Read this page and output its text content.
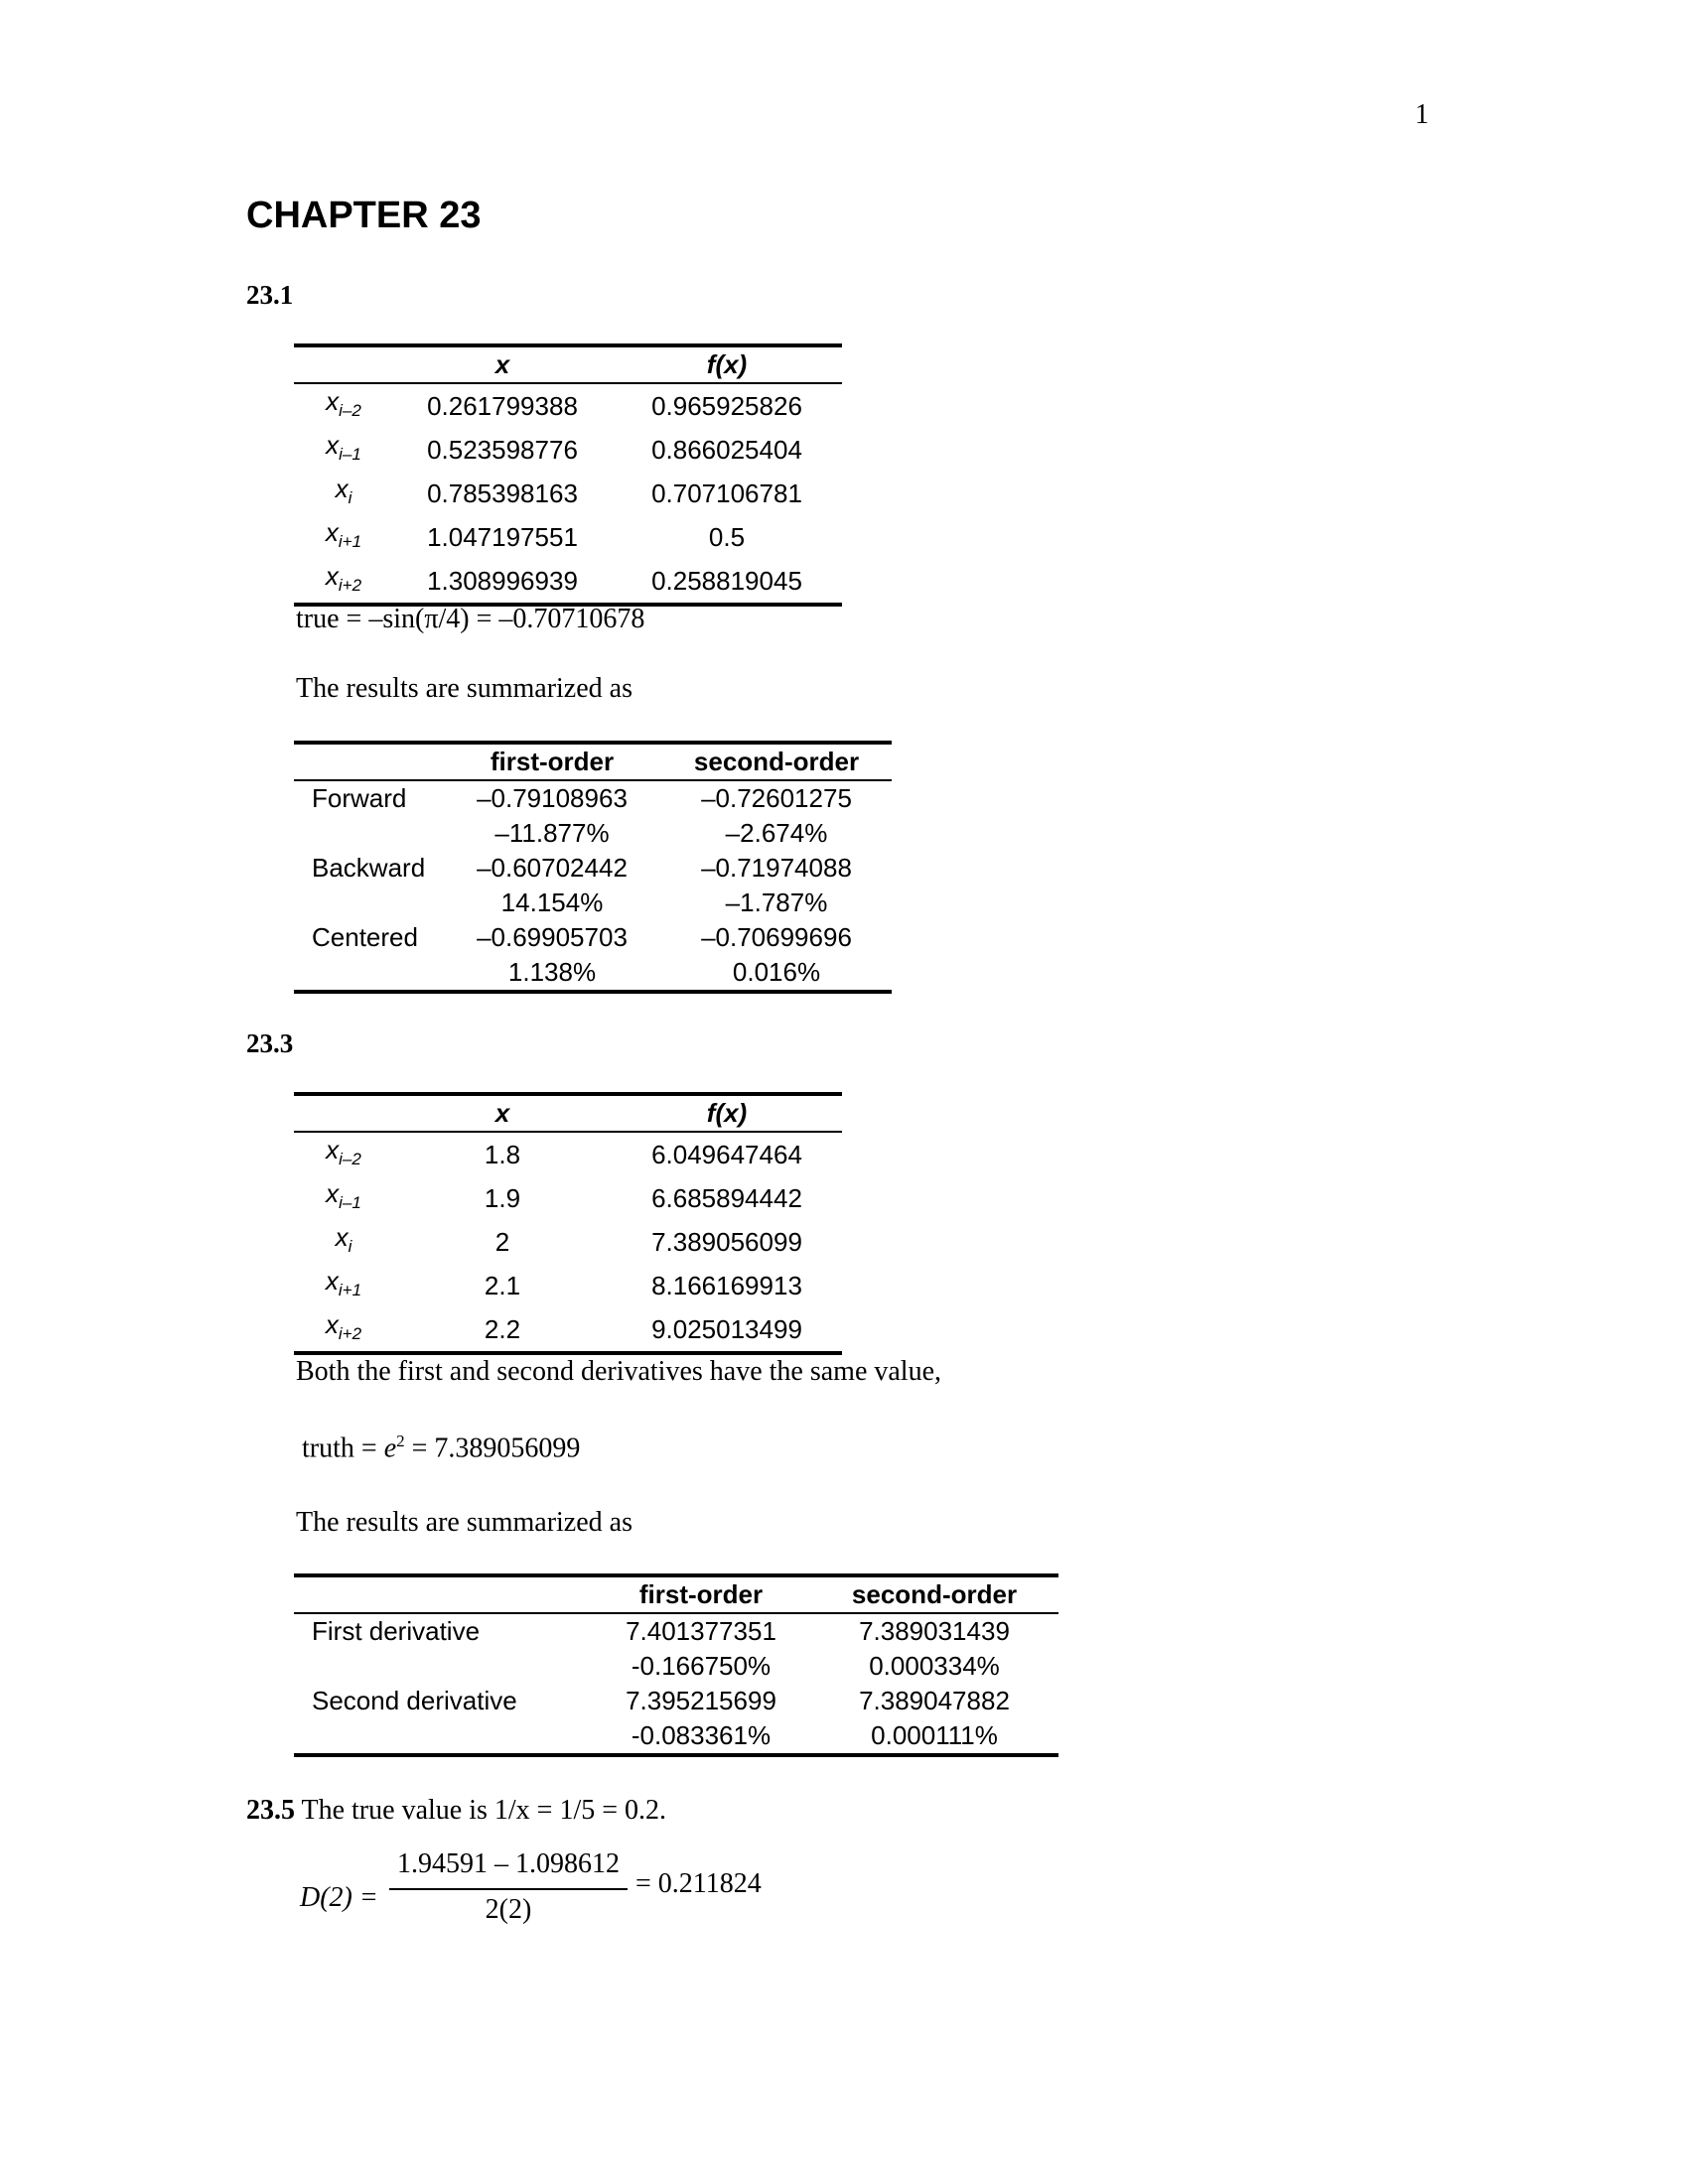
1
CHAPTER 23
23.1
	x	f(x)
$x_{i-2}$	0.261799388	0.965925826
$x_{i-1}$	0.523598776	0.866025404
$x_i$	0.785398163	0.707106781
$x_{i+1}$	1.047197551	0.5
$x_{i+2}$	1.308996939	0.258819045
true = –sin(π/4) = –0.70710678
The results are summarized as
	first-order	second-order
Forward	–0.79108963	–0.72601275
	–11.877%	–2.674%
Backward	–0.60702442	–0.71974088
	14.154%	–1.787%
Centered	–0.69905703	–0.70699696
	1.138%	0.016%
23.3
	x	f(x)
$x_{i-2}$	1.8	6.049647464
$x_{i-1}$	1.9	6.685894442
$x_i$	2	7.389056099
$x_{i+1}$	2.1	8.166169913
$x_{i+2}$	2.2	9.025013499
Both the first and second derivatives have the same value,
truth = $e^2 = 7.389056099$
The results are summarized as
	first-order	second-order
First derivative	7.401377351	7.389031439
	-0.166750%	0.000334%
Second derivative	7.395215699	7.389047882
	-0.083361%	0.000111%
23.5 The true value is 1/x = 1/5 = 0.2.
D(2) =
1.94591 – 1.098612
2(2)
= 0.211824
